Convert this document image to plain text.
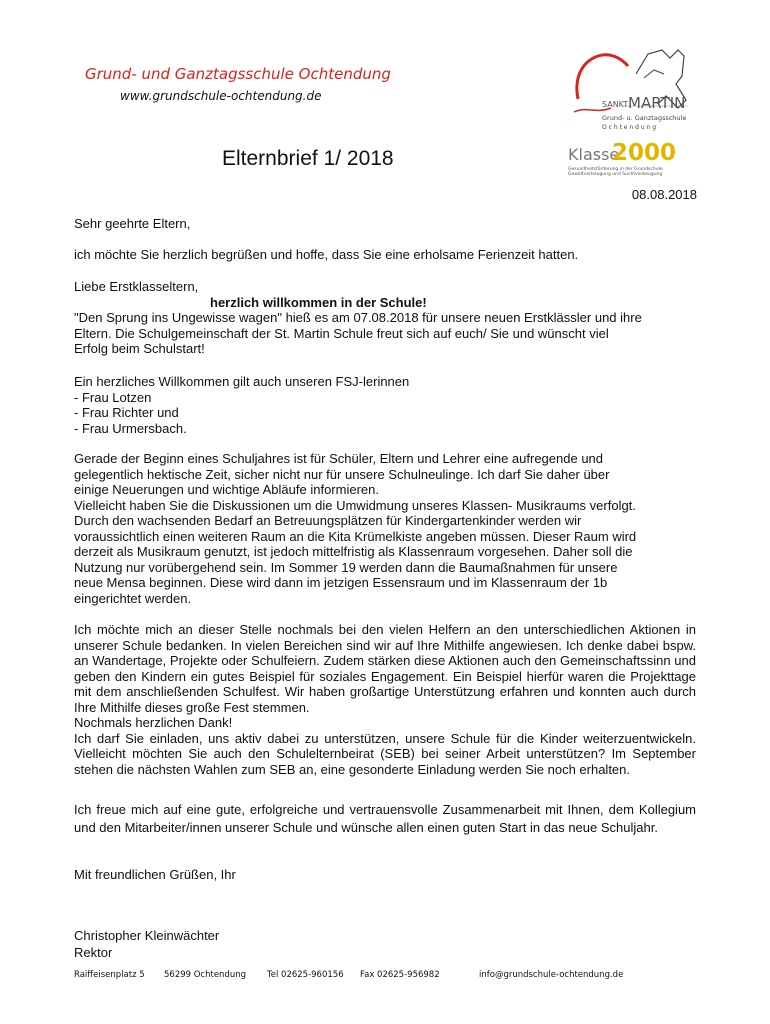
Grund- und Ganztagsschule Ochtendung
www.grundschule-ochtendung.de
SANKT MARTIN
Grund- u. Ganztagsschule
O c h t e n d u n g
Elternbrief 1/ 2018	Klasse
2000
Gesundheitsförderung in der Grundschule
Gewaltvorbeugung und Suchtvorbeugung
08.08.2018
Sehr geehrte Eltern,
ich möchte Sie herzlich begrüßen und hoffe, dass Sie eine erholsame Ferienzeit hatten.
Liebe Erstklasseltern,
herzlich willkommen in der Schule!
"Den Sprung ins Ungewisse wagen" hieß es am 07.08.2018 für unsere neuen Erstklässler und ihre
Eltern. Die Schulgemeinschaft der St. Martin Schule freut sich auf euch/ Sie und wünscht viel
Erfolg beim Schulstart!
Ein herzliches Willkommen gilt auch unseren FSJ-lerinnen
- Frau Lotzen
- Frau Richter und
- Frau Urmersbach.
Gerade der Beginn eines Schuljahres ist für Schüler, Eltern und Lehrer eine aufregende und
gelegentlich hektische Zeit, sicher nicht nur für unsere Schulneulinge. Ich darf Sie daher über
einige Neuerungen und wichtige Abläufe informieren.
Vielleicht haben Sie die Diskussionen um die Umwidmung unseres Klassen- Musikraums verfolgt.
Durch den wachsenden Bedarf an Betreuungsplätzen für Kindergartenkinder werden wir
voraussichtlich einen weiteren Raum an die Kita Krümelkiste angeben müssen. Dieser Raum wird
derzeit als Musikraum genutzt, ist jedoch mittelfristig als Klassenraum vorgesehen. Daher soll die
Nutzung nur vorübergehend sein. Im Sommer 19 werden dann die Baumaßnahmen für unsere
neue Mensa beginnen. Diese wird dann im jetzigen Essensraum und im Klassenraum der 1b
eingerichtet werden.
Ich möchte mich an dieser Stelle nochmals bei den vielen Helfern an den unterschiedlichen Aktionen in unserer Schule bedanken. In vielen Bereichen sind wir auf Ihre Mithilfe angewiesen. Ich denke dabei bspw. an Wandertage, Projekte oder Schulfeiern. Zudem stärken diese Aktionen auch den Gemeinschaftssinn und geben den Kindern ein gutes Beispiel für soziales Engagement. Ein Beispiel hierfür waren die Projekttage mit dem anschließenden Schulfest. Wir haben großartige Unterstützung erfahren und konnten auch durch Ihre Mithilfe dieses große Fest stemmen.
Nochmals herzlichen Dank!
Ich darf Sie einladen, uns aktiv dabei zu unterstützen, unsere Schule für die Kinder weiterzuentwickeln. Vielleicht möchten Sie auch den Schulelternbeirat (SEB) bei seiner Arbeit unterstützen? Im September stehen die nächsten Wahlen zum SEB an, eine gesonderte Einladung werden Sie noch erhalten.
Ich freue mich auf eine gute, erfolgreiche und vertrauensvolle Zusammenarbeit mit Ihnen, dem Kollegium und den Mitarbeiter/innen unserer Schule und wünsche allen einen guten Start in das neue Schuljahr.
Mit freundlichen Grüßen, Ihr
Christopher Kleinwächter
Rektor
Raiffeisenplatz 5 56299 Ochtendung Tel 02625-960156 Fax 02625-956982	info@grundschule-ochtendung.de
